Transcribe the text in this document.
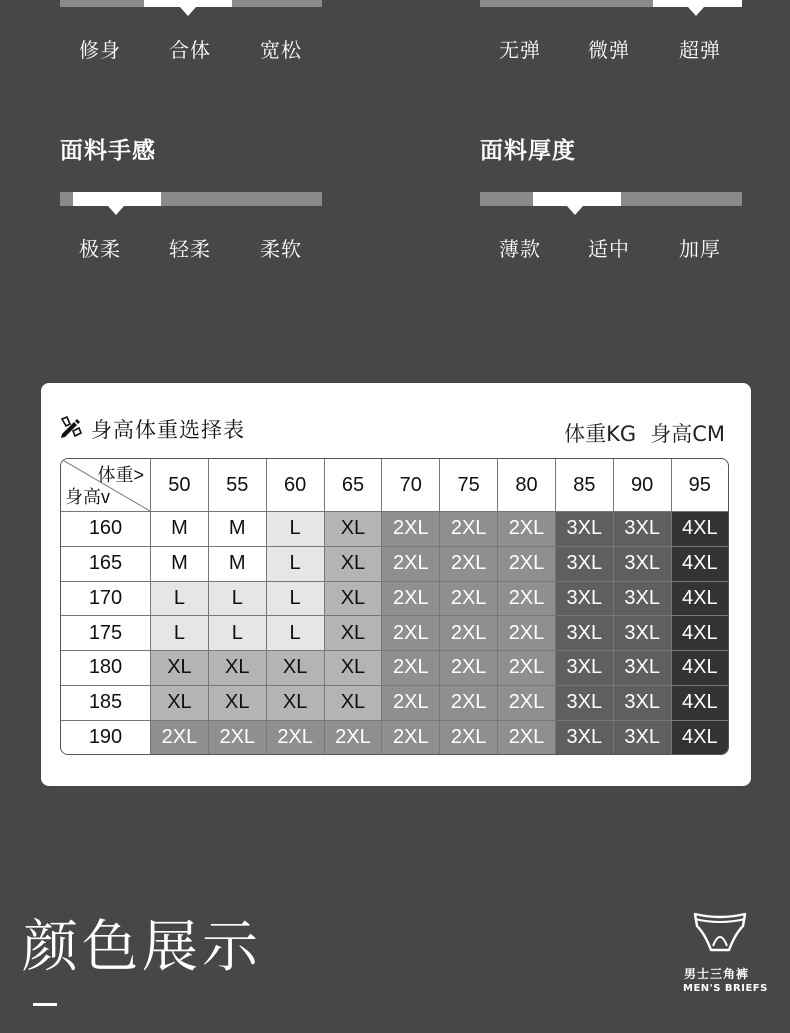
修身 合体 宽松	无弹 微弹 超弹
面料手感
极柔 轻柔 柔软
面料厚度
薄款 适中 加厚
身高体重选择表	体重KG 身高CM
体重>
身高v	50	55	60	65	70	75	80	85	90	95
160	M	M	L	XL	2XL	2XL	2XL	3XL	3XL	4XL
165	M	M	L	XL	2XL	2XL	2XL	3XL	3XL	4XL
170	L	L	L	XL	2XL	2XL	2XL	3XL	3XL	4XL
175	L	L	L	XL	2XL	2XL	2XL	3XL	3XL	4XL
180	XL	XL	XL	XL	2XL	2XL	2XL	3XL	3XL	4XL
185	XL	XL	XL	XL	2XL	2XL	2XL	3XL	3XL	4XL
190	2XL	2XL	2XL	2XL	2XL	2XL	2XL	3XL	3XL	4XL
颜色展示	男士三角裤
MEN'S BRIEFS
